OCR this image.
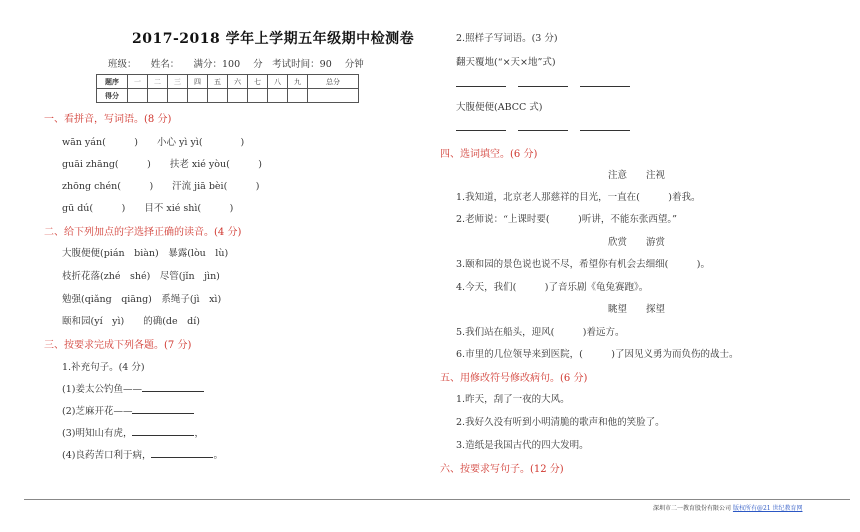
2017-2018 学年上学期五年级期中检测卷
班级：　　姓名：　　满分：100 分　考试时间：90 分钟
题序	一	二	三	四	五	六	七	八	九	总分
得分										
一、看拼音，写词语。(8 分)
wān yán(　　　)　　小心 yì yì(　　　　)
guāi zhāng(　　　)　　扶老 xié yòu(　　　)
zhōng chén(　　　)　　汗流 jiā bèi(　　　)
gū dú(　　　)　　目不 xié shì(　　　)
二、给下列加点的字选择正确的读音。(4 分)
大腹便便(pián　biàn)　暴露(lòu　lù)
枝折花落(zhé　shé)　尽管(jǐn　jìn)
勉强(qiǎng　qiāng)　系绳子(jì　xì)
颐和园(yí　yì)　　的确(de　dí)
三、按要求完成下列各题。(7 分)
1.补充句子。(4 分)
(1)姜太公钓鱼——
(2)芝麻开花——
(3)明知山有虎，	，
(4)良药苦口利于病，	。
2.照样子写词语。(3 分)
翻天覆地(“×天×地”式)
大腹便便(ABCC 式)
四、选词填空。(6 分)
注意　　注视
1.我知道，北京老人那慈祥的目光，一直在(　　　)着我。
2.老师说：“上课时要(　　　)听讲，不能东张西望。”
欣赏　　游赏
3.颐和园的景色说也说不尽，希望你有机会去细细(　　　)。
4.今天，我们(　　　)了音乐剧《龟兔赛跑》。
眺望　　探望
5.我们站在船头，迎风(　　　)着远方。
6.市里的几位领导来到医院，(　　　)了因见义勇为而负伤的战士。
五、用修改符号修改病句。(6 分)
1.昨天，刮了一夜的大风。
2.我好久没有听到小明清脆的歌声和他的笑脸了。
3.造纸是我国古代的四大发明。
六、按要求写句子。(12 分)
深圳市二一教育股份有限公司 版权所有@21 世纪教育网
